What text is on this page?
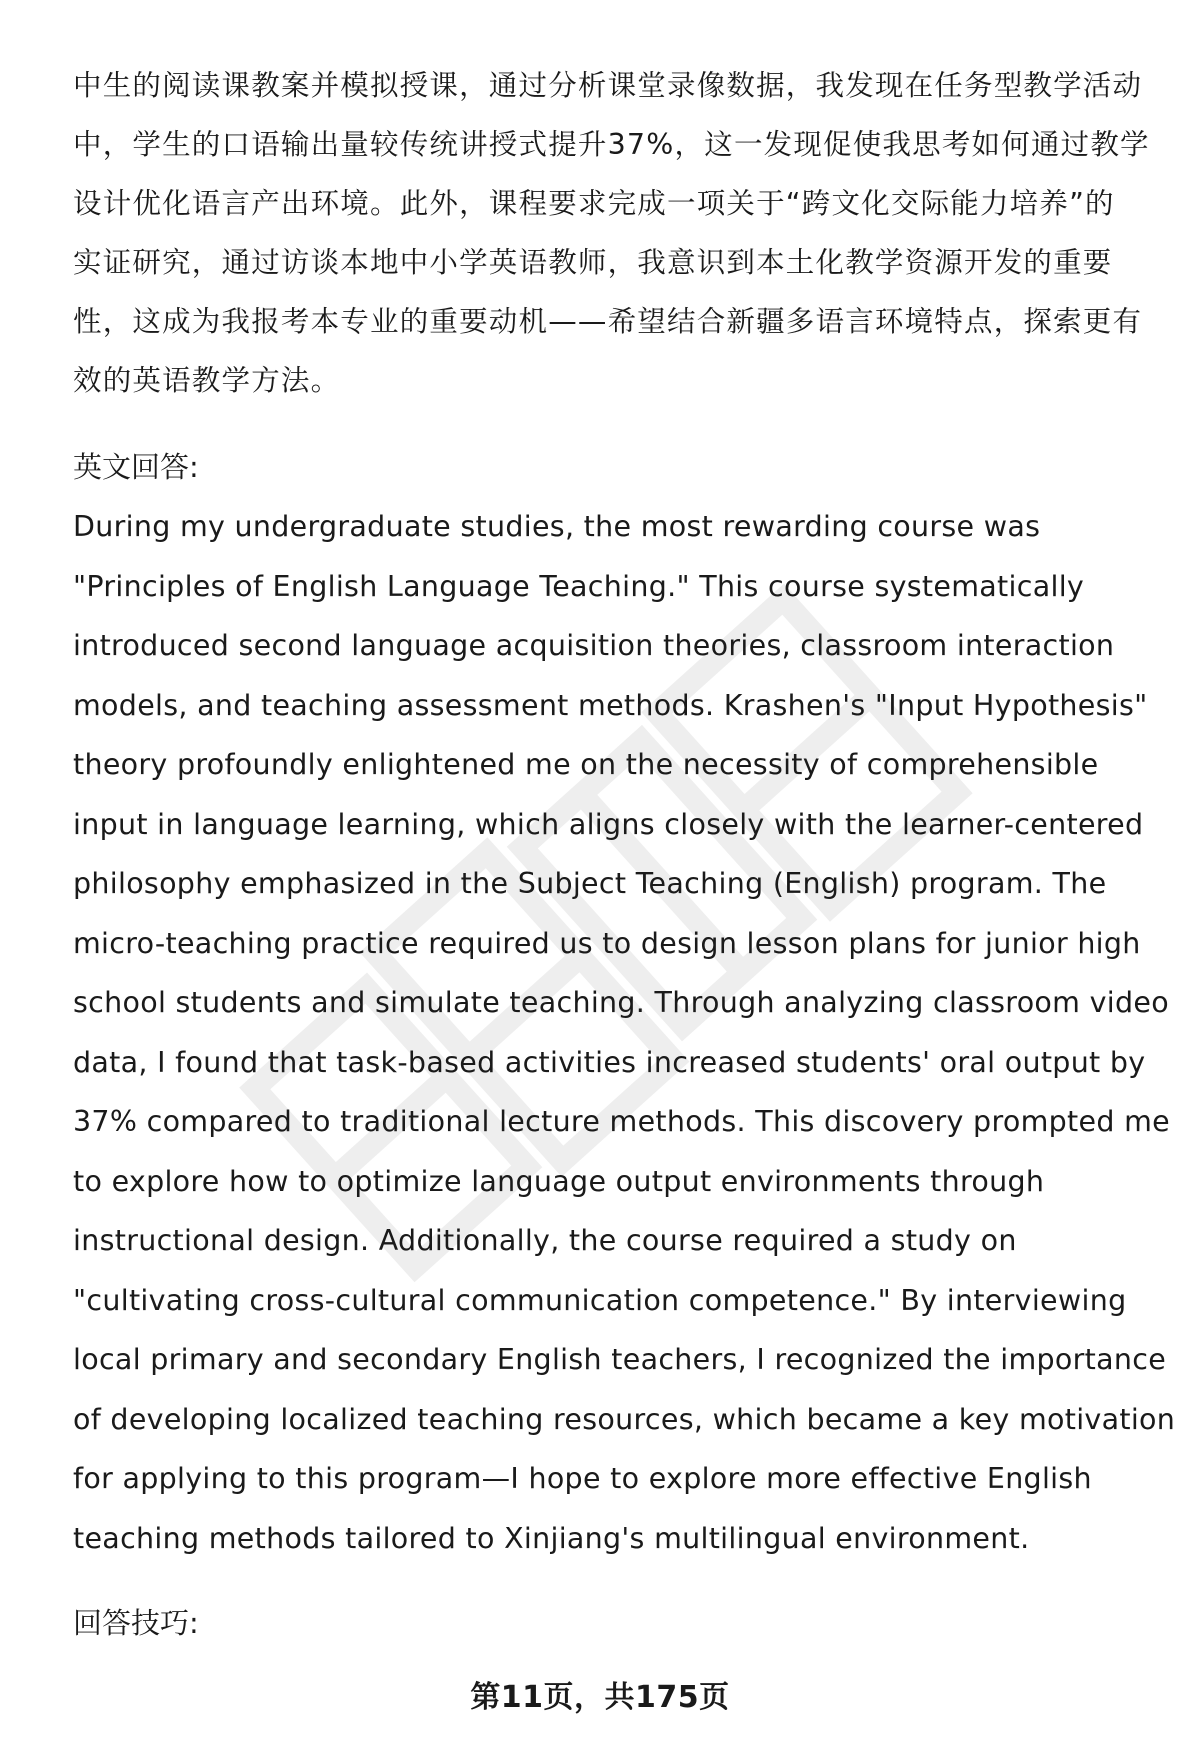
中生的阅读课教案并模拟授课，通过分析课堂录像数据，我发现在任务型教学活动
中，学生的口语输出量较传统讲授式提升37%，这一发现促使我思考如何通过教学
设计优化语言产出环境。此外，课程要求完成一项关于“跨文化交际能力培养”的
实证研究，通过访谈本地中小学英语教师，我意识到本土化教学资源开发的重要
性，这成为我报考本专业的重要动机——希望结合新疆多语言环境特点，探索更有
效的英语教学方法。

英文回答:

During my undergraduate studies, the most rewarding course was
"Principles of English Language Teaching." This course systematically
introduced second language acquisition theories, classroom interaction
models, and teaching assessment methods. Krashen's "Input Hypothesis"
theory profoundly enlightened me on the necessity of comprehensible
input in language learning, which aligns closely with the learner-centered
philosophy emphasized in the Subject Teaching (English) program. The
micro-teaching practice required us to design lesson plans for junior high
school students and simulate teaching. Through analyzing classroom video
data, I found that task-based activities increased students' oral output by
37% compared to traditional lecture methods. This discovery prompted me
to explore how to optimize language output environments through
instructional design. Additionally, the course required a study on
"cultivating cross-cultural communication competence." By interviewing
local primary and secondary English teachers, I recognized the importance
of developing localized teaching resources, which became a key motivation
for applying to this program—I hope to explore more effective English
teaching methods tailored to Xinjiang's multilingual environment.

回答技巧:

第11页，共175页
